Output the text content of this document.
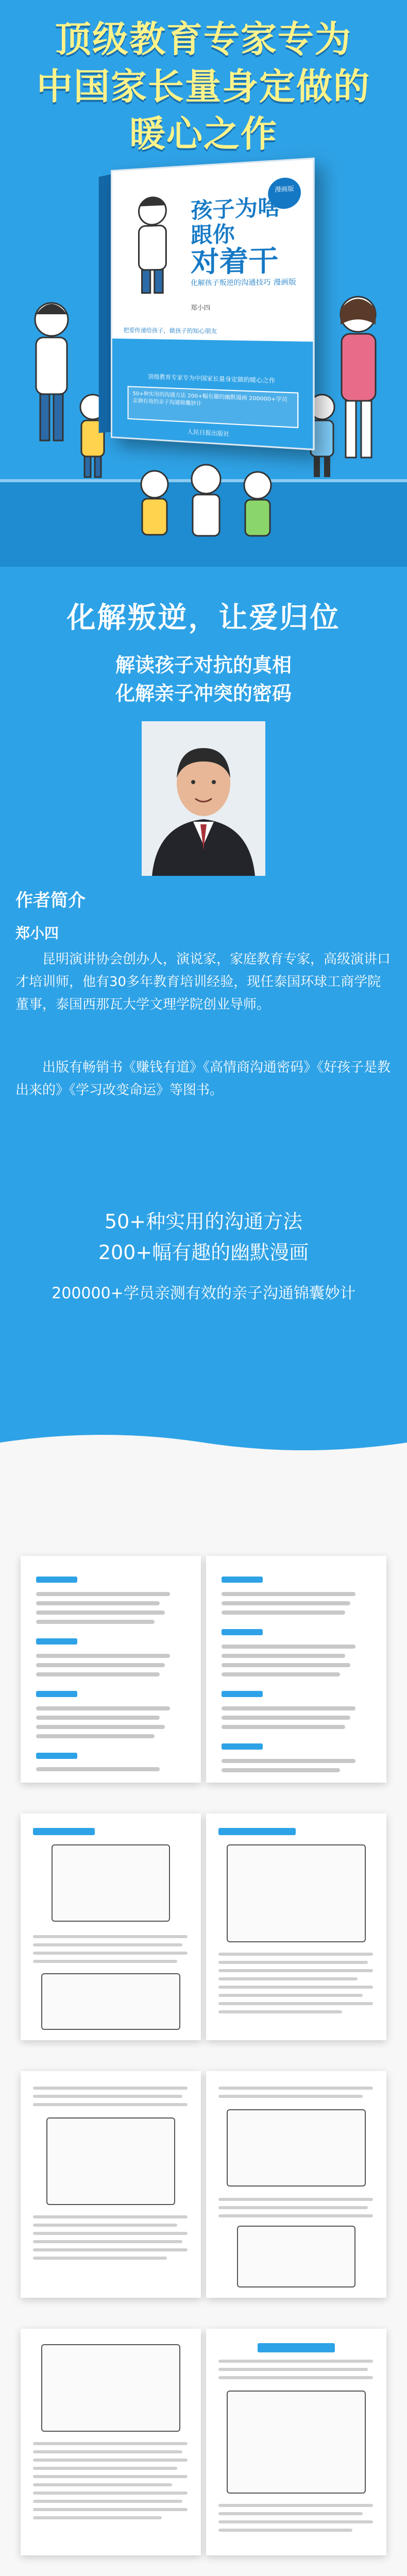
顶级教育专家专为
中国家长量身定做的
暖心之作
漫画版
孩子为啥
跟你
对着干
化解孩子叛逆的沟通技巧 漫画版
郑小四
把爱传递给孩子，做孩子的知心朋友
顶级教育专家专为中国家长量身定做的暖心之作
50+种实用的沟通方法 200+幅有趣的幽默漫画 200000+学员亲测有效的亲子沟通锦囊妙计
人民日报出版社
化解叛逆，让爱归位
解读孩子对抗的真相
化解亲子冲突的密码
作者简介
郑小四

昆明演讲协会创办人，演说家，家庭教育专家，高级演讲口才培训师，他有30多年教育培训经验，现任泰国环球工商学院董事，泰国西那瓦大学文理学院创业导师。

出版有畅销书《赚钱有道》《高情商沟通密码》《好孩子是教出来的》《学习改变命运》等图书。

50+种实用的沟通方法
200+幅有趣的幽默漫画
200000+学员亲测有效的亲子沟通锦囊妙计
